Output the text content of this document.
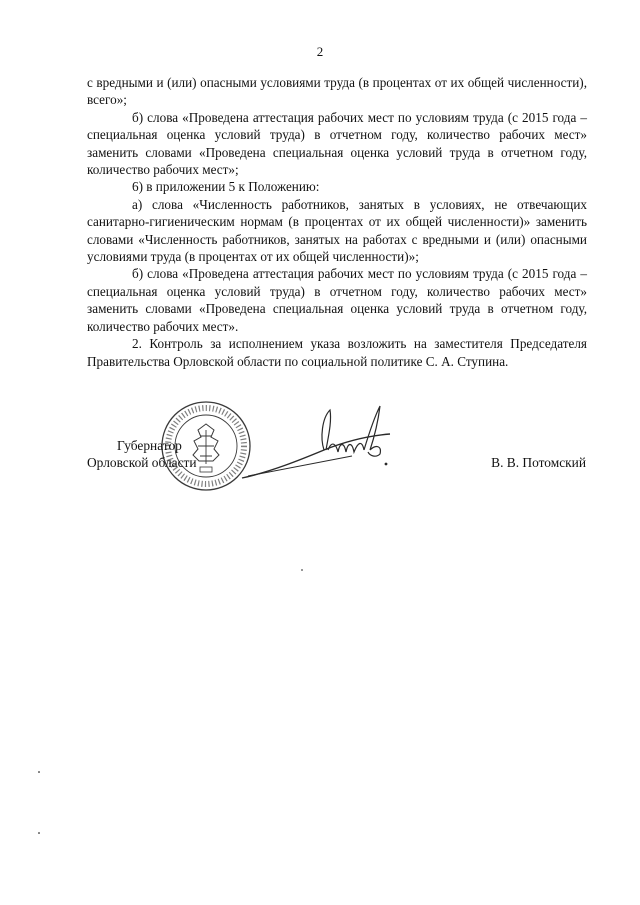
2

с вредными и (или) опасными условиями труда (в процентах от их общей численности), всего»;

б) слова «Проведена аттестация рабочих мест по условиям труда (с 2015 года – специальная оценка условий труда) в отчетном году, количество рабочих мест» заменить словами «Проведена специальная оценка условий труда в отчетном году, количество рабочих мест»;

6) в приложении 5 к Положению:

а) слова «Численность работников, занятых в условиях, не отвечающих санитарно-гигиеническим нормам (в процентах от их общей численности)» заменить словами «Численность работников, занятых на работах с вредными и (или) опасными условиями труда (в процентах от их общей численности)»;

б) слова «Проведена аттестация рабочих мест по условиям труда (с 2015 года – специальная оценка условий труда) в отчетном году, количество рабочих мест» заменить словами «Проведена специальная оценка условий труда в отчетном году, количество рабочих мест».

2. Контроль за исполнением указа возложить на заместителя Председателя Правительства Орловской области по социальной политике С. А. Ступина.

Губернатор
Орловской области	В. В. Потомский
